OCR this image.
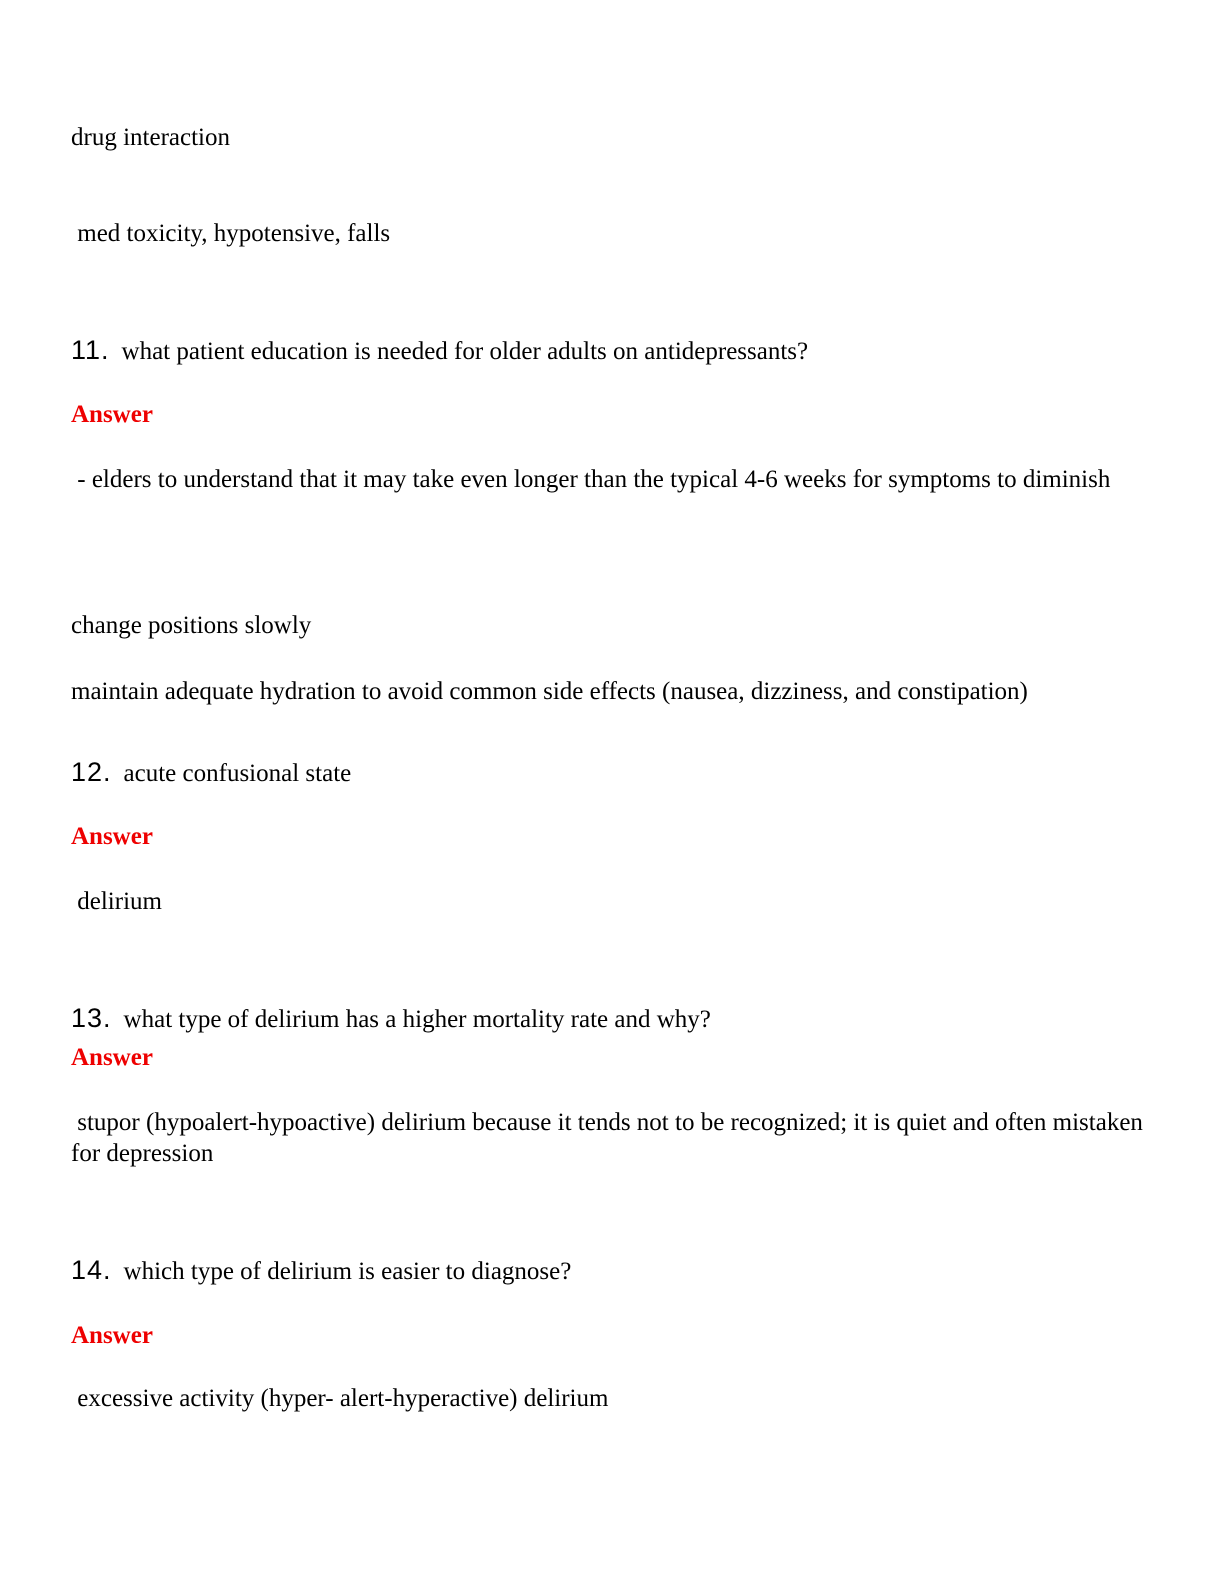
drug interaction

med toxicity, hypotensive, falls

11. what patient education is needed for older adults on antidepressants?

Answer

- elders to understand that it may take even longer than the typical 4-6 weeks for symptoms to diminish

change positions slowly

maintain adequate hydration to avoid common side effects (nausea, dizziness, and constipation)

12. acute confusional state

Answer

delirium

13. what type of delirium has a higher mortality rate and why?

Answer

stupor (hypoalert-hypoactive) delirium because it tends not to be recognized; it is quiet and often mistaken for depression

14. which type of delirium is easier to diagnose?

Answer

excessive activity (hyper- alert-hyperactive) delirium
